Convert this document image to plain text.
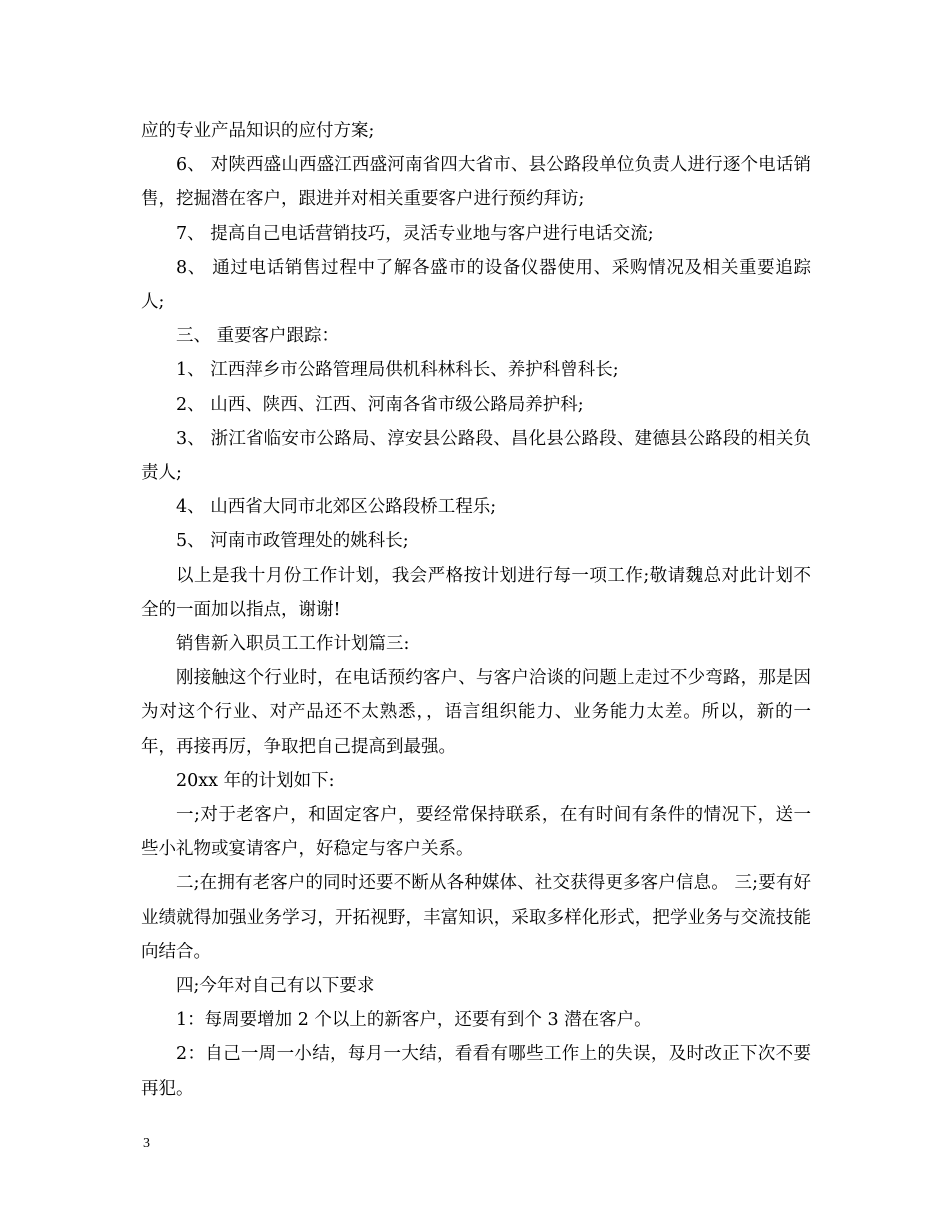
应的专业产品知识的应付方案;

6、 对陕西盛山西盛江西盛河南省四大省市、县公路段单位负责人进行逐个电话销售，挖掘潜在客户，跟进并对相关重要客户进行预约拜访;

7、 提高自己电话营销技巧，灵活专业地与客户进行电话交流;

8、 通过电话销售过程中了解各盛市的设备仪器使用、采购情况及相关重要追踪人;

三、 重要客户跟踪：

1、 江西萍乡市公路管理局供机科林科长、养护科曾科长;

2、 山西、陕西、江西、河南各省市级公路局养护科;

3、 浙江省临安市公路局、淳安县公路段、昌化县公路段、建德县公路段的相关负责人;

4、 山西省大同市北郊区公路段桥工程乐;

5、 河南市政管理处的姚科长;

以上是我十月份工作计划，我会严格按计划进行每一项工作;敬请魏总对此计划不全的一面加以指点，谢谢!

销售新入职员工工作计划篇三:

刚接触这个行业时，在电话预约客户、与客户洽谈的问题上走过不少弯路，那是因为对这个行业、对产品还不太熟悉，，语言组织能力、业务能力太差。所以，新的一年，再接再厉，争取把自己提高到最强。

20xx 年的计划如下:

一;对于老客户，和固定客户，要经常保持联系，在有时间有条件的情况下，送一些小礼物或宴请客户，好稳定与客户关系。

二;在拥有老客户的同时还要不断从各种媒体、社交获得更多客户信息。 三;要有好业绩就得加强业务学习，开拓视野，丰富知识，采取多样化形式，把学业务与交流技能向结合。

四;今年对自己有以下要求

1：每周要增加 2 个以上的新客户，还要有到个 3 潜在客户。

2：自己一周一小结，每月一大结，看看有哪些工作上的失误，及时改正下次不要再犯。

3
